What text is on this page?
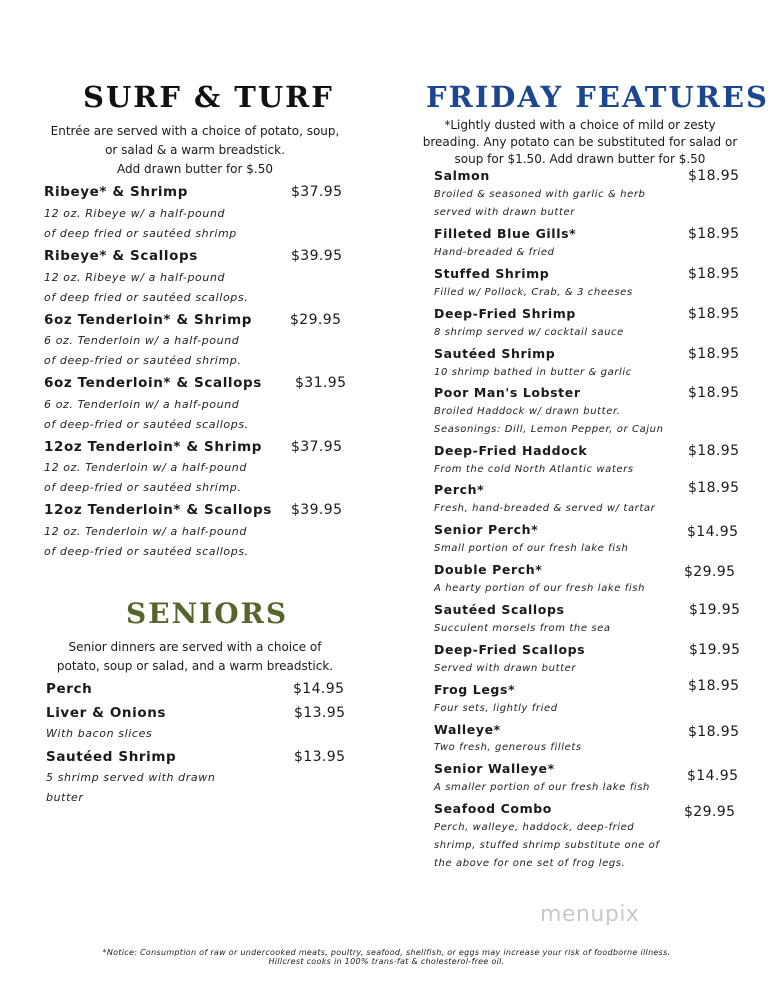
SURF & TURF
Entrée are served with a choice of potato, soup,
or salad & a warm breadstick.
Add drawn butter for $.50
Ribeye* & Shrimp	$37.95
12 oz. Ribeye w/ a half-pound
of deep fried or sautéed shrimp
Ribeye* & Scallops	$39.95
12 oz. Ribeye w/ a half-pound
of deep fried or sautéed scallops.
6oz Tenderloin* & Shrimp	$29.95
6 oz. Tenderloin w/ a half-pound
of deep-fried or sautéed shrimp.
6oz Tenderloin* & Scallops $31.95
6 oz. Tenderloin w/ a half-pound
of deep-fried or sautéed scallops.
12oz Tenderloin* & Shrimp $37.95
12 oz. Tenderloin w/ a half-pound
of deep-fried or sautéed shrimp.
12oz Tenderloin* & Scallops $39.95
12 oz. Tenderloin w/ a half-pound
of deep-fried or sautéed scallops.
SENIORS
Senior dinners are served with a choice of
potato, soup or salad, and a warm breadstick.
Perch	$14.95
Liver & Onions	$13.95
With bacon slices
Sautéed Shrimp	$13.95
5 shrimp served with drawn
butter
FRIDAY FEATURES
*Lightly dusted with a choice of mild or zesty
breading. Any potato can be substituted for salad or
soup for $1.50. Add drawn butter for $.50
Salmon	$18.95
Broiled & seasoned with garlic & herb
served with drawn butter
Filleted Blue Gills*	$18.95
Hand-breaded & fried
Stuffed Shrimp	$18.95
Filled w/ Pollock, Crab, & 3 cheeses
Deep-Fried Shrimp	$18.95
8 shrimp served w/ cocktail sauce
Sautéed Shrimp	$18.95
10 shrimp bathed in butter & garlic
Poor Man's Lobster	$18.95
Broiled Haddock w/ drawn butter.
Seasonings: Dill, Lemon Pepper, or Cajun
Deep-Fried Haddock	$18.95
From the cold North Atlantic waters
Perch*	$18.95
Fresh, hand-breaded & served w/ tartar
Senior Perch*	$14.95
Small portion of our fresh lake fish
Double Perch*	$29.95
A hearty portion of our fresh lake fish
Sautéed Scallops	$19.95
Succulent morsels from the sea
Deep-Fried Scallops	$19.95
Served with drawn butter
Frog Legs*	$18.95
Four sets, lightly fried
Walleye*	$18.95
Two fresh, generous fillets
Senior Walleye*	$14.95
A smaller portion of our fresh lake fish
Seafood Combo	$29.95
Perch, walleye, haddock, deep-fried
shrimp, stuffed shrimp substitute one of
the above for one set of frog legs.
menupix
*Notice: Consumption of raw or undercooked meats, poultry, seafood, shellfish, or eggs may increase your risk of foodborne illness.
Hillcrest cooks in 100% trans-fat & cholesterol-free oil.
